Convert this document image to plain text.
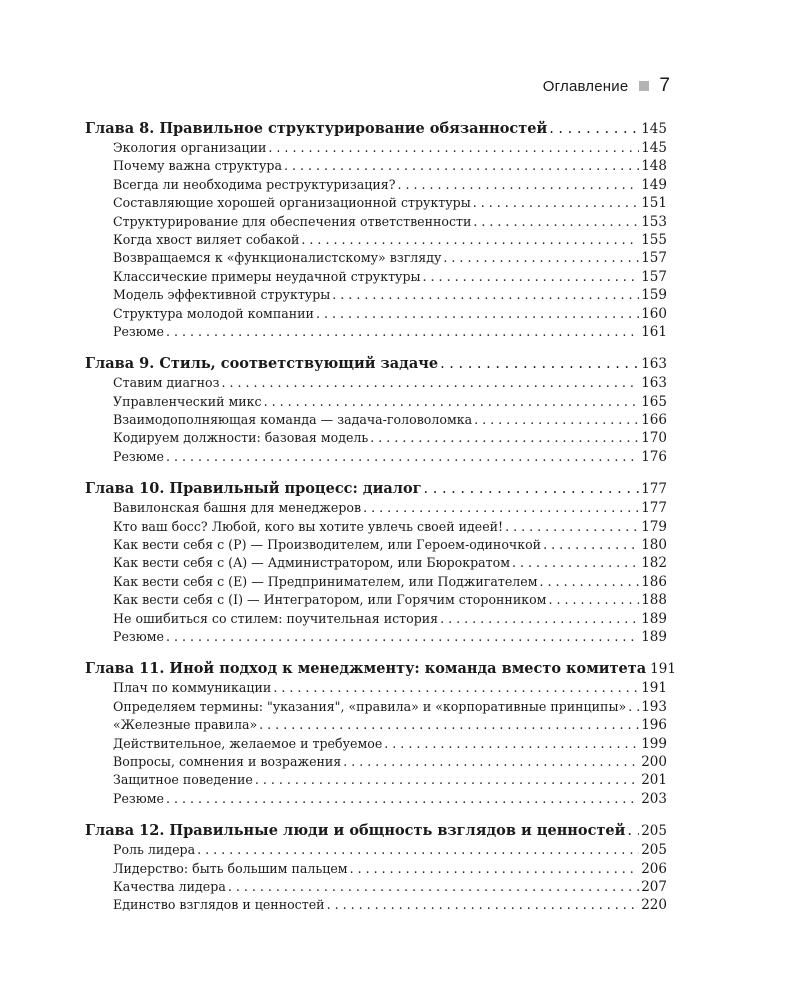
Оглавление 7
Глава 8. Правильное структурирование обязанностей . . .	145
Экология организации . . .	145
Почему важна структура . . .	148
Всегда ли необходима реструктуризация? . . .	149
Составляющие хорошей организационной структуры . . .	151
Структурирование для обеспечения ответственности . . .	153
Когда хвост виляет собакой . . .	155
Возвращаемся к «функционалистскому» взгляду . . .	157
Классические примеры неудачной структуры . . .	157
Модель эффективной структуры . . .	159
Структура молодой компании . . .	160
Резюме . . .	161
Глава 9. Стиль, соответствующий задаче . . .	163
Ставим диагноз . . .	163
Управленческий микс . . .	165
Взаимодополняющая команда — задача-головоломка . . .	166
Кодируем должности: базовая модель . . .	170
Резюме . . .	176
Глава 10. Правильный процесс: диалог . . .	177
Вавилонская башня для менеджеров . . .	177
Кто ваш босс? Любой, кого вы хотите увлечь своей идеей! . . .	179
Как вести себя с (P) — Производителем, или Героем-одиночкой . . .	180
Как вести себя с (A) — Администратором, или Бюрократом . . .	182
Как вести себя с (E) — Предпринимателем, или Поджигателем . . .	186
Как вести себя с (I) — Интегратором, или Горячим сторонником . . .	188
Не ошибиться со стилем: поучительная история . . .	189
Резюме . . .	189
Глава 11. Иной подход к менеджменту: команда вместо комитета 191
Плач по коммуникации . . .	191
Определяем термины: "указания", «правила» и «корпоративные принципы» . . . 193
«Железные правила» . . .	196
Действительное, желаемое и требуемое . . .	199
Вопросы, сомнения и возражения . . .	200
Защитное поведение . . .	201
Резюме . . .	203
Глава 12. Правильные люди и общность взглядов и ценностей . . . 205
Роль лидера . . .	205
Лидерство: быть большим пальцем . . .	206
Качества лидера . . .	207
Единство взглядов и ценностей . . .	220
